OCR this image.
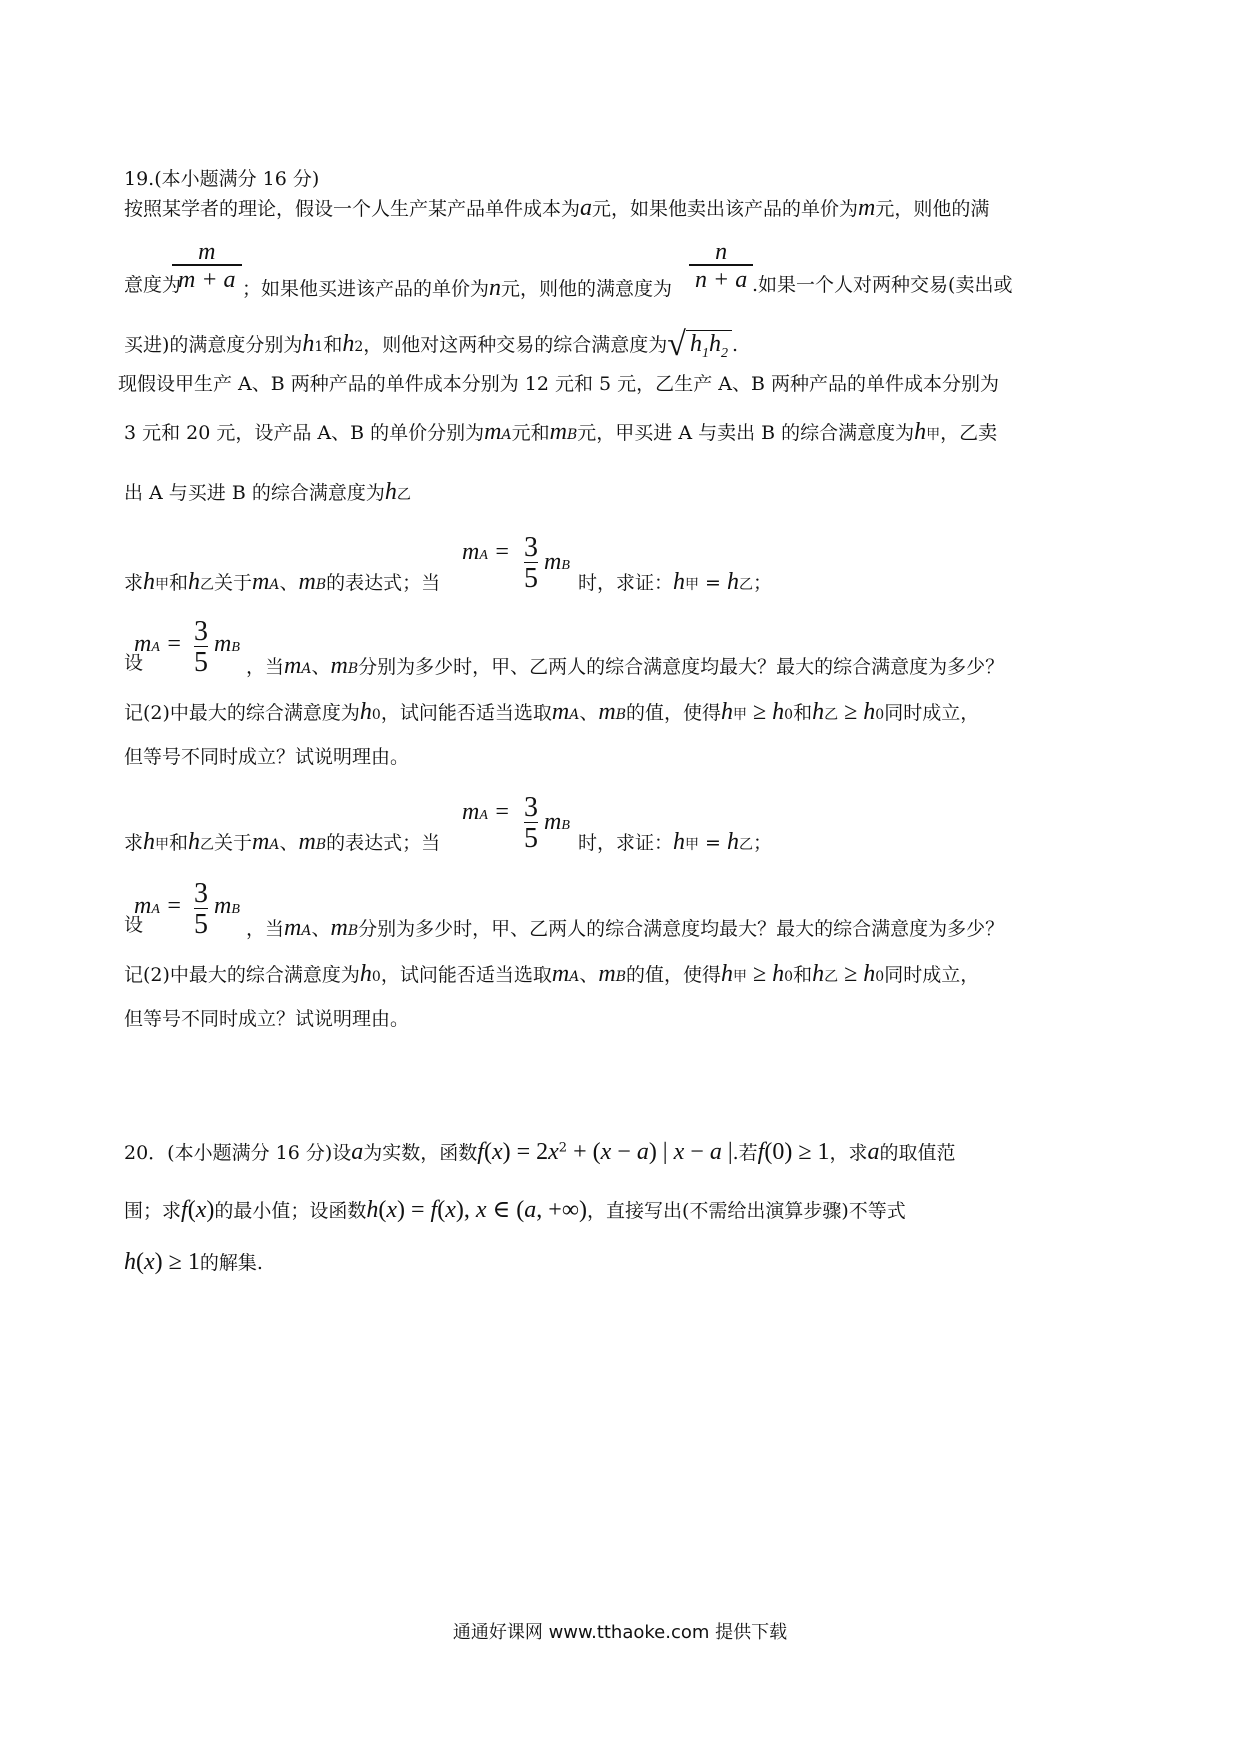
19.(本小题满分 16 分)
按照某学者的理论，假设一个人生产某产品单件成本为a元，如果他卖出该产品的单价为m元，则他的满
意度为
$\frac{m}{m + a}$ ；如果他买进该产品的单价为n元，则他的满意度为 $\frac{n}{n + a}$
.如果一个人对两种交易(卖出或
买进)的满意度分别为h1和h2，则他对这两种交易的综合满意度为√ $h_1h_2$ .
现假设甲生产 A、B 两种产品的单件成本分别为 12 元和 5 元，乙生产 A、B 两种产品的单件成本分别为
3 元和 20 元，设产品 A、B 的单价分别为mA元和mB元，甲买进 A 与卖出 B 的综合满意度为h甲，乙卖
出 A 与买进 B 的综合满意度为h乙
求h甲和h乙关于mA、mB的表达式；当
mA = $\frac{3}{5}$ mB
时，求证：h甲 = h乙；
设
mA = $\frac{3}{5}$ mB
，当mA、mB分别为多少时，甲、乙两人的综合满意度均最大？最大的综合满意度为多少？
记(2)中最大的综合满意度为h0，试问能否适当选取mA、mB的值，使得h甲 ≥ h0和h乙 ≥ h0同时成立，
但等号不同时成立？试说明理由。
求h甲和h乙关于mA、mB的表达式；当
mA = $\frac{3}{5}$ mB
时，求证：h甲 = h乙；
设
mA = $\frac{3}{5}$ mB
，当mA、mB分别为多少时，甲、乙两人的综合满意度均最大？最大的综合满意度为多少？
记(2)中最大的综合满意度为h0，试问能否适当选取mA、mB的值，使得h甲 ≥ h0和h乙 ≥ h0同时成立，
但等号不同时成立？试说明理由。
20．(本小题满分 16 分)设a为实数，函数$f(x) = 2x^2 + (x - a)$ | x − a |.若f(0) ≥ 1，求a的取值范
围；求f(x)的最小值；设函数h(x) = f(x), x ∈ (a, +∞)，直接写出(不需给出演算步骤)不等式
h(x) ≥ 1的解集.
通通好课网 www.tthaoke.com 提供下载
